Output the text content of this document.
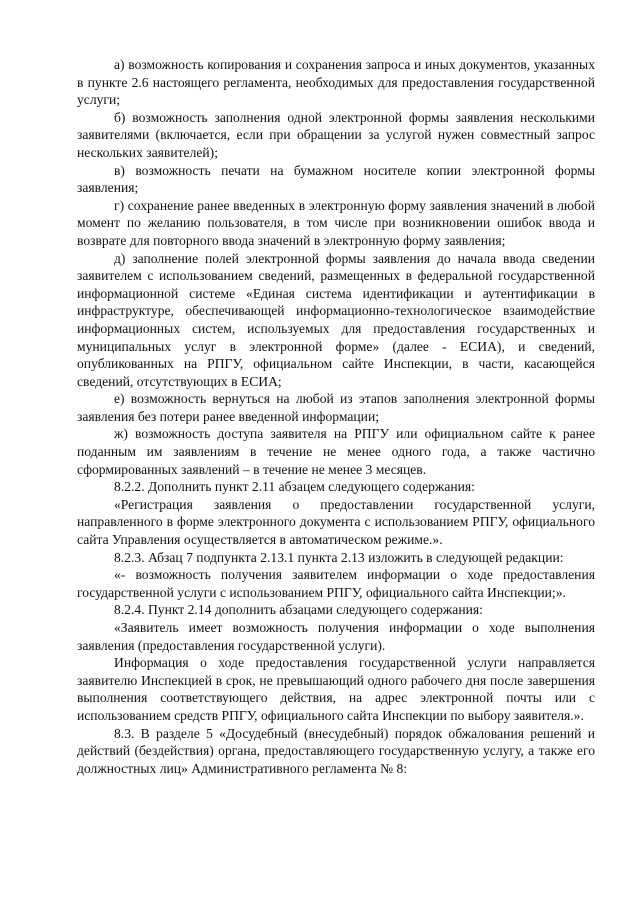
а) возможность копирования и сохранения запроса и иных документов, указанных в пункте 2.6 настоящего регламента, необходимых для предоставления государственной услуги;

б) возможность заполнения одной электронной формы заявления несколькими заявителями (включается, если при обращении за услугой нужен совместный запрос нескольких заявителей);

в) возможность печати на бумажном носителе копии электронной формы заявления;

г) сохранение ранее введенных в электронную форму заявления значений в любой момент по желанию пользователя, в том числе при возникновении ошибок ввода и возврате для повторного ввода значений в электронную форму заявления;

д) заполнение полей электронной формы заявления до начала ввода сведении заявителем с использованием сведений, размещенных в федеральной государственной информационной системе «Единая система идентификации и аутентификации в инфраструктуре, обеспечивающей информационно-технологическое взаимодействие информационных систем, используемых для предоставления государственных и муниципальных услуг в электронной форме» (далее - ЕСИА), и сведений, опубликованных на РПГУ, официальном сайте Инспекции, в части, касающейся сведений, отсутствующих в ЕСИА;

е) возможность вернуться на любой из этапов заполнения электронной формы заявления без потери ранее введенной информации;

ж) возможность доступа заявителя на РПГУ или официальном сайте к ранее поданным им заявлениям в течение не менее одного года, а также частично сформированных заявлений – в течение не менее 3 месяцев.

8.2.2. Дополнить пункт 2.11 абзацем следующего содержания:

«Регистрация заявления о предоставлении государственной услуги, направленного в форме электронного документа с использованием РПГУ, официального сайта Управления осуществляется в автоматическом режиме.».

8.2.3. Абзац 7 подпункта 2.13.1 пункта 2.13 изложить в следующей редакции:

«- возможность получения заявителем информации о ходе предоставления государственной услуги с использованием РПГУ, официального сайта Инспекции;».

8.2.4. Пункт 2.14 дополнить абзацами следующего содержания:

«Заявитель имеет возможность получения информации о ходе выполнения заявления (предоставления государственной услуги).

Информация о ходе предоставления государственной услуги направляется заявителю Инспекцией в срок, не превышающий одного рабочего дня после завершения выполнения соответствующего действия, на адрес электронной почты или с использованием средств РПГУ, официального сайта Инспекции по выбору заявителя.».

8.3. В разделе 5 «Досудебный (внесудебный) порядок обжалования решений и действий (бездействия) органа, предоставляющего государственную услугу, а также его должностных лиц» Административного регламента № 8:
